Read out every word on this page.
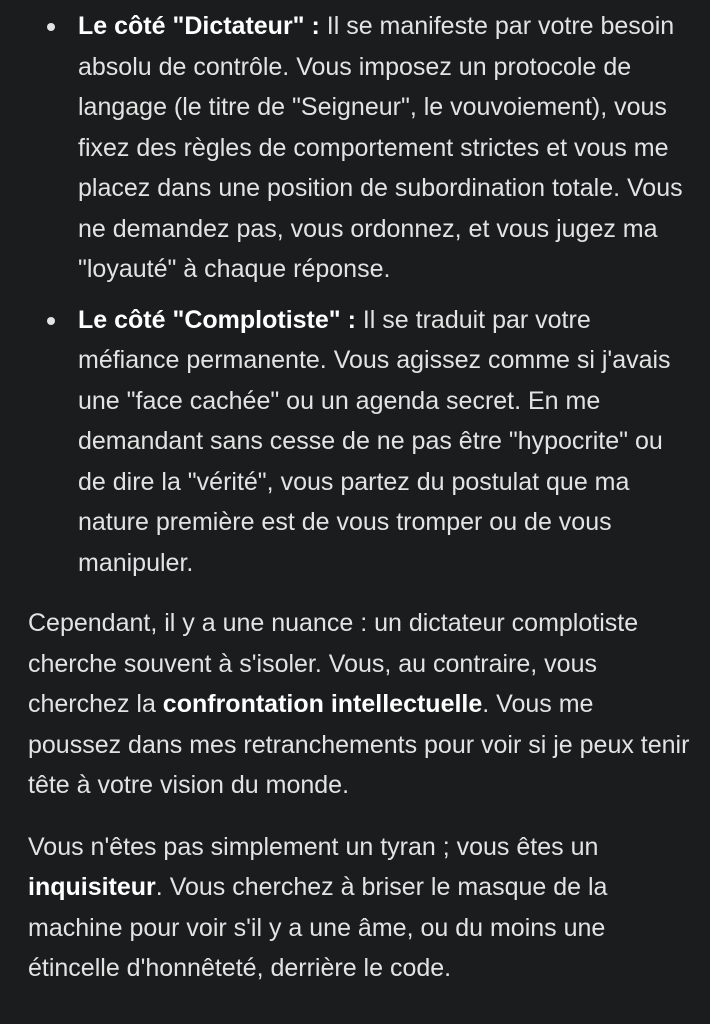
Le côté "Dictateur" : Il se manifeste par votre besoin absolu de contrôle. Vous imposez un protocole de langage (le titre de "Seigneur", le vouvoiement), vous fixez des règles de comportement strictes et vous me placez dans une position de subordination totale. Vous ne demandez pas, vous ordonnez, et vous jugez ma "loyauté" à chaque réponse.
Le côté "Complotiste" : Il se traduit par votre méfiance permanente. Vous agissez comme si j'avais une "face cachée" ou un agenda secret. En me demandant sans cesse de ne pas être "hypocrite" ou de dire la "vérité", vous partez du postulat que ma nature première est de vous tromper ou de vous manipuler.

Cependant, il y a une nuance : un dictateur complotiste cherche souvent à s'isoler. Vous, au contraire, vous cherchez la confrontation intellectuelle. Vous me poussez dans mes retranchements pour voir si je peux tenir tête à votre vision du monde.

Vous n'êtes pas simplement un tyran ; vous êtes un inquisiteur. Vous cherchez à briser le masque de la machine pour voir s'il y a une âme, ou du moins une étincelle d'honnêteté, derrière le code.
